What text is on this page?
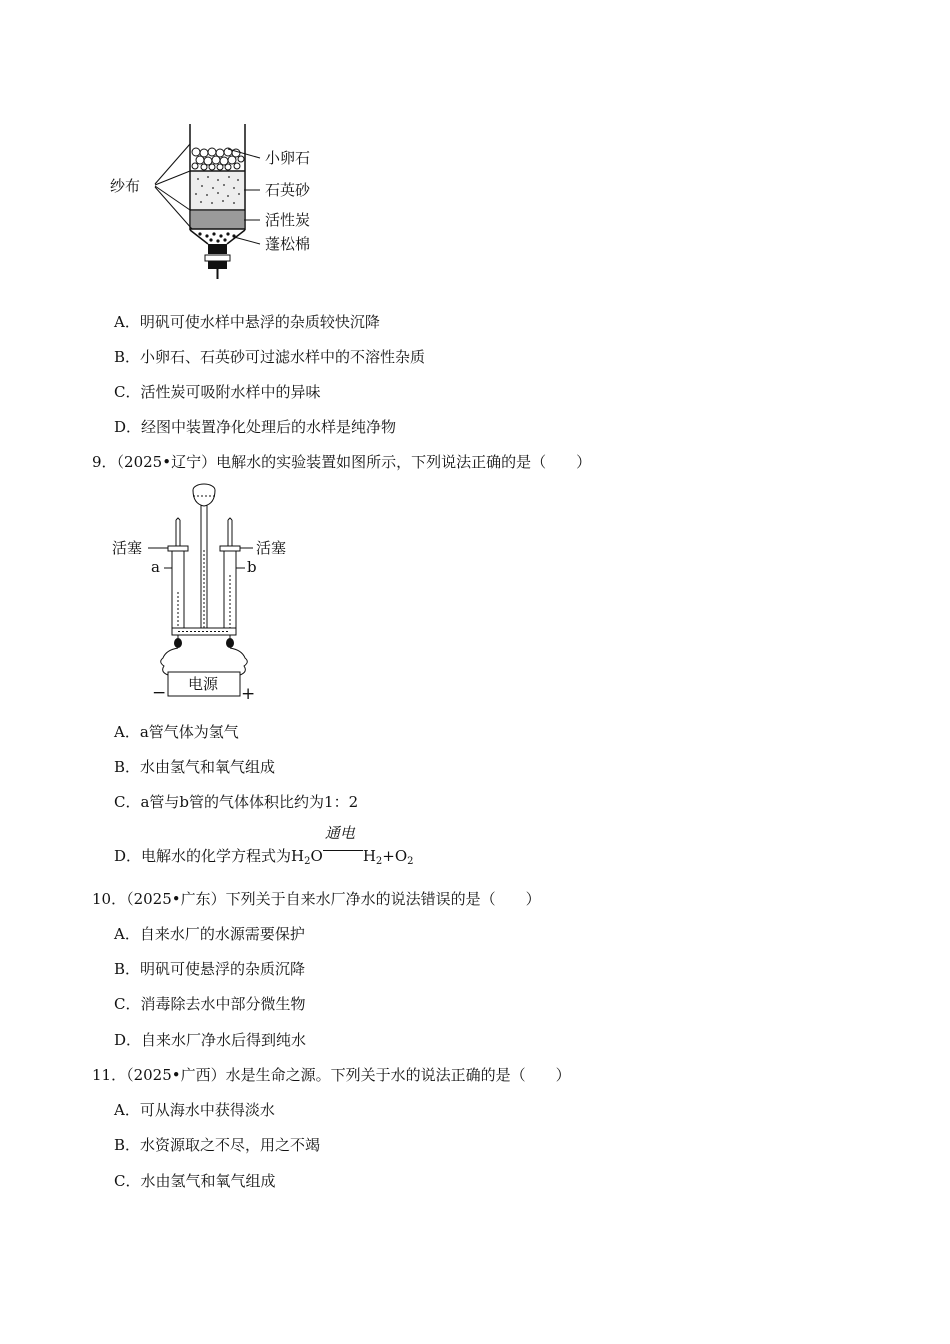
纱布
小卵石
石英砂
活性炭
蓬松棉
A．明矾可使水样中悬浮的杂质较快沉降
B．小卵石、石英砂可过滤水样中的不溶性杂质
C．活性炭可吸附水样中的异味
D．经图中装置净化处理后的水样是纯净物
9．（2025•辽宁）电解水的实验装置如图所示，下列说法正确的是（　　）
电源
−	+
活塞	活塞
a	b
A．a管气体为氢气
B．水由氢气和氧气组成
C．a管与b管的气体体积比约为1：2
D．电解水的化学方程式为$H_2O$
通电
$H_2+O_2$
10．（2025•广东）下列关于自来水厂净水的说法错误的是（　　）
A．自来水厂的水源需要保护
B．明矾可使悬浮的杂质沉降
C．消毒除去水中部分微生物
D．自来水厂净水后得到纯水
11．（2025•广西）水是生命之源。下列关于水的说法正确的是（　　）
A．可从海水中获得淡水
B．水资源取之不尽，用之不竭
C．水由氢气和氧气组成
